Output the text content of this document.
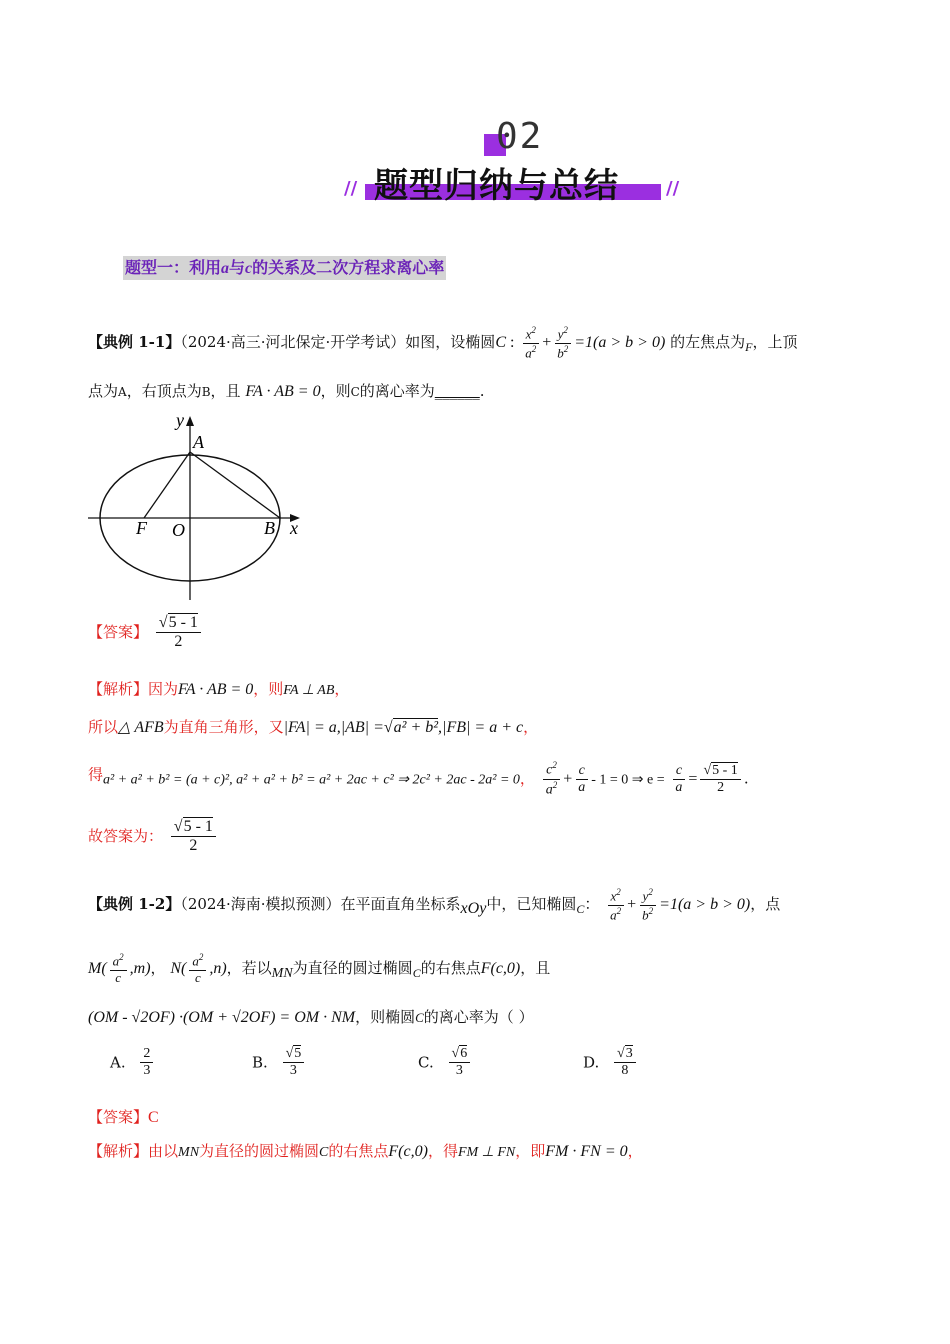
02
题型归纳与总结
//	//
题型一：利用a与c的关系及二次方程求离心率
【典例 1-1】（2024·高三·河北保定·开学考试）如图，设椭圆C : $\frac{x^2}{a^2} + \frac{y^2}{b^2} =1(a > b > 0)$ 的左焦点为$_F$，上顶
点为A，右顶点为B，且 FA · AB = 0，则C的离心率为______.
y
A
F O	B x
【答案】 $\frac{√5 - 1}{2}$
【解析】因为FA · AB = 0，则FA ⊥ AB，
所以△ AFB为直角三角形，又|FA| = a,|AB| =√a² + b²,|FB| = a + c，
得a² + a² + b² = (a + c)², a² + a² + b² = a² + 2ac + c² ⇒ 2c² + 2ac - 2a² = 0， $\frac{c^2}{a^2} + \frac{c}{a} - 1 = 0$ ⇒ $e = \frac{c}{a} = \frac{√5 - 1}{2}$ .
故答案为： $\frac{√5 - 1}{2}$
【典例 1-2】（2024·海南·模拟预测）在平面直角坐标系$_{xOy}$中，已知椭圆$_C$： $\frac{x^2}{a^2} + \frac{y^2}{b^2} =1(a > b > 0)$，点
$M( \frac{a^2}{c} ,m)$， $N( \frac{a^2}{c} ,n)$，若以$_{MN}$为直径的圆过椭圆$_C$的右焦点F(c,0)，且
(OM - √2OF) ·(OM + √2OF) = OM · NM，则椭圆C的离心率为（ ）
A. $\frac{2}{3}$	B. $\frac{√5}{3}$	C. $\frac{√6}{3}$	D. $\frac{√3}{8}$
【答案】C
【解析】由以MN为直径的圆过椭圆C的右焦点F(c,0)，得FM ⊥ FN，即FM · FN = 0，
